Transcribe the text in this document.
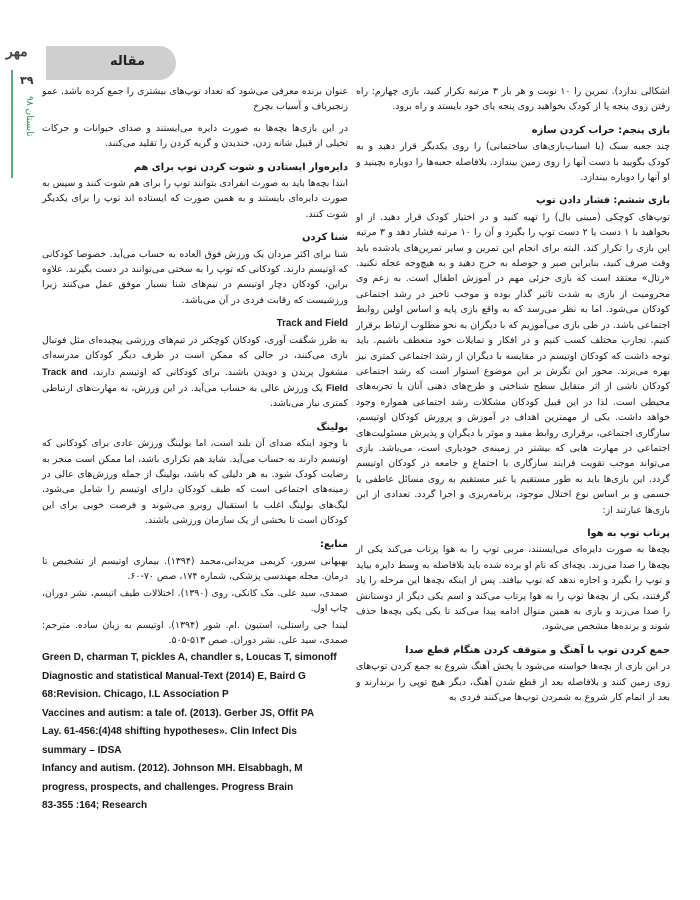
مهر
مقاله
۳۹
تابستان ۹۸

اشکالی ندارد). تمرین را ۱۰ نوبت و هر بار ۳ مرتبه تکرار کنید. بازی چهارم: راه رفتن روی پنجه پا از کودک بخواهید روی پنجه پای خود بایستد و راه برود.

بازی پنجم: خراب کردن سازه

چند جعبه سبک (یا اسباب‌بازی‌های ساختمانی) را روی یکدیگر قرار دهید و به کودک بگویید با دست آنها را روی زمین بیندازد. بلافاصله جعبه‌ها را دوباره بچینید و او آنها را دوباره بیندازد.

بازی ششم: فشار دادن توپ

توپ‌های کوچکی (میینی بال) را تهیه کنید و در اختیار کودک قرار دهید. از او بخواهید با ۱ دست یا ۲ دست توپ را بگیرد و آن را ۱۰ مرتبه فشار دهد و ۳ مرتبه این بازی را تکرار کند. البته برای انجام این تمرین و سایر تمرین‌های یادشده باید وقت صرف کنید، بنابراین صبر و حوصله به خرج دهید و به هیچ‌وجه عجله نکنید. «رتال» معتقد است که بازی جزئی مهم در آموزش اطفال است. به زعم وی محرومیت از بازی به شدت تاثیر گذار بوده و موجب تاخیر در رشد اجتماعی کودکان می‌شود. اما به نظر می‌رسد که به واقع بازی پایه و اساس اولین روابط اجتماعی باشد. در طی بازی می‌آموزیم که با دیگران به نحو مطلوب ارتباط برقرار کنیم. تجارب مختلف کسب کنیم و در افکار و تمایلات خود منعطف باشیم. باید توجه داشت که کودکان اوتیسم در مقایسه با دیگران از رشد اجتماعی کمتری نیز بهره می‌برند. محور این نگرش بر این موضوع استوار است که رشد اجتماعی کودکان ناشی از اثر متقابل سطح شناختی و طرح‌های ذهنی آنان با تجربه‌های محیطی است. لذا در این قبیل کودکان مشکلات رشد اجتماعی همواره وجود خواهد داشت. یکی از مهمترین اهداف در آموزش و پرورش کودکان اوتیسم، سازگاری اجتماعی، برقراری روابط مفید و موثر با دیگران و پذیرش مسئولیت‌های اجتماعی در مهارت هایی که بیشتر در زمینه‌ی خودیاری است، می‌باشد. بازی می‌تواند موجب تقویت فرایند سازگاری با اجتماع و جامعه در کودکان اوتیسم گردد. این بازی‌ها باید به طور مستقیم یا غیر مستقیم به روی مسائل عاطفی یا جسمی و بر اساس نوع اختلال موجود، برنامه‌ریزی و اجرا گردد. تعدادی از این بازی‌ها عبارتند از:

پرتاب توپ به هوا

بچه‌ها به صورت دایره‌ای می‌ایستند، مربی توپ را به هوا پرتاب می‌کند یکی از بچه‌ها را صدا می‌زند. بچه‌ای که نام او برده شده باید بلافاصله به وسط دایره بیاید و توپ را بگیرد و اجازه ندهد که توپ بیافتد. پس از اینکه بچه‌ها این مرحله را یاد گرفتند، یکی از بچه‌ها توپ را به هوا پرتاب می‌کند و اسم یکی دیگر از دوستانش را صدا می‌زند و بازی به همین منوال ادامه پیدا می‌کند تا یکی یکی بچه‌ها حذف شوند و برنده‌ها مشخص می‌شود.

جمع کردن توپ با آهنگ و متوقف کردن هنگام قطع صدا

در این بازی از بچه‌ها خواسته می‌شود با پخش آهنگ شروع به جمع کردن توپ‌های روی زمین کنند و بلافاصله بعد از قطع شدن آهنگ، دیگر هیچ توپی را برندارند و بعد از اتمام کار شروع به شمردن توپ‌ها می‌کنند فردی به

عنوان برنده معرفی می‌شود که تعداد توپ‌های بیشتری را جمع کرده باشد. عمو زنجیرباف و آسیاب بچرخ

در این بازی‌ها بچه‌ها به صورت دایره می‌ایستند و صدای حیوانات و حرکات تخیلی از قبیل شانه زدن، خندیدن و گریه کردن را تقلید می‌کنند.

دایره‌وار ایستادن و شوت کردن توپ برای هم

ابتدا بچه‌ها باید به صورت انفرادی بتوانند توپ را برای هم شوت کنند و سپس به صورت دایره‌ای بایستند و به همین صورت که ایستاده اند توپ را برای یکدیگر شوت کنند.

شنا کردن

شنا برای اکثر مردان یک ورزش فوق العاده به حساب می‌آید. خصوصا کودکانی که اوتیسم دارند. کودکانی که توپ را به سختی می‌توانند در دست بگیرند. علاوه براین، کودکان دچار اوتیسم در تیم‌های شنا بسیار موفق عمل می‌کنند زیرا ورزشیست که رقابت فردی در آن می‌باشد.

Track and Field

به طرز شگفت آوری، کودکان کوچکتر در تیم‌های ورزشی پیچیده‌ای مثل فوتبال بازی می‌کنند، در حالی که ممکن است در طرف دیگر کودکان مدرسه‌ای مشغول پریدن و دویدن باشند. برای کودکانی که اوتیسم دارند، Track and Field یک ورزش عالی به حساب می‌آید. در این ورزش، به مهارت‌های ارتباطی کمتری نیاز می‌باشد.

بولینگ

با وجود اینکه صدای آن بلند است، اما بولینگ ورزش عادی برای کودکانی که اوتیسم دارند به حساب می‌آید. شاید هم تکراری باشد، اما ممکن است منجر به رضایت کودک شود. به هر دلیلی که باشد، بولینگ از جمله ورزش‌های عالی در زمینه‌های اجتماعی است که طیف کودکان دارای اوتیسم را شامل می‌شود. لیگ‌های بولینگ اغلب با استقبال روبرو می‌شوند و فرصت خوبی برای این کودکان است تا بخشی از یک سازمان ورزشی باشند.

منابع:
بهبهانی سرور، کریمی مریدانی،محمد (۱۳۹۴). بیماری اوتیسم از تشخیص تا درمان. مجله مهندسی پزشکی، شماره ۱۷۴، صص ۷۰-۶۰.
صمدی، سید علی. مک کانکی، روی (۱۳۹۰). اختلالات طیف اتیسم، نشر دوران، چاپ اول.
لیندا جی راستلی، استیون .ام. شور (۱۳۹۴). اوتیسم به زبان ساده. مترجم: صمدی، سید علی. نشر دوران. صص ۵۱۳-۵۰۵.
Green D, charman T, pickles A, chandler s, Loucas T, simonoff
Diagnostic and statistical Manual-Text (2014) E, Baird G
68:Revision. Chicago, I.L Association P
Vaccines and autism: a tale of. (2013). Gerber JS, Offit PA
Lay. 61-456:(4)48 shifting hypotheses». Clin Infect Dis
summary – IDSA
Infancy and autism. (2012). Johnson MH. Elsabbagh, M
progress, prospects, and challenges. Progress Brain
83-355 :164; Research
